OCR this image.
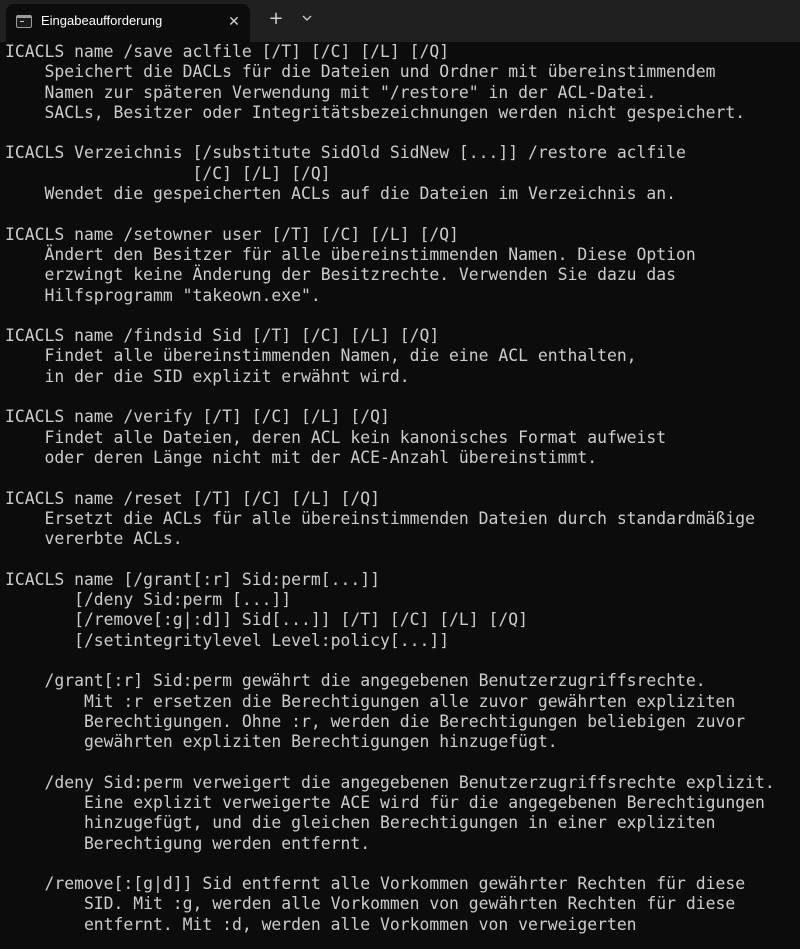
Eingabeaufforderung	✕ +
ICACLS name /save aclfile [/T] [/C] [/L] [/Q]
Speichert die DACLs für die Dateien und Ordner mit übereinstimmendem
Namen zur späteren Verwendung mit "/restore" in der ACL-Datei.
SACLs, Besitzer oder Integritätsbezeichnungen werden nicht gespeichert.
ICACLS Verzeichnis [/substitute SidOld SidNew [...]] /restore aclfile
[/C] [/L] [/Q]
Wendet die gespeicherten ACLs auf die Dateien im Verzeichnis an.
ICACLS name /setowner user [/T] [/C] [/L] [/Q]
Ändert den Besitzer für alle übereinstimmenden Namen. Diese Option
erzwingt keine Änderung der Besitzrechte. Verwenden Sie dazu das
Hilfsprogramm "takeown.exe".
ICACLS name /findsid Sid [/T] [/C] [/L] [/Q]
Findet alle übereinstimmenden Namen, die eine ACL enthalten,
in der die SID explizit erwähnt wird.
ICACLS name /verify [/T] [/C] [/L] [/Q]
Findet alle Dateien, deren ACL kein kanonisches Format aufweist
oder deren Länge nicht mit der ACE-Anzahl übereinstimmt.
ICACLS name /reset [/T] [/C] [/L] [/Q]
Ersetzt die ACLs für alle übereinstimmenden Dateien durch standardmäßige
vererbte ACLs.
ICACLS name [/grant[:r] Sid:perm[...]]
[/deny Sid:perm [...]]
[/remove[:g|:d]] Sid[...]] [/T] [/C] [/L] [/Q]
[/setintegritylevel Level:policy[...]]
/grant[:r] Sid:perm gewährt die angegebenen Benutzerzugriffsrechte.
Mit :r ersetzen die Berechtigungen alle zuvor gewährten expliziten
Berechtigungen. Ohne :r, werden die Berechtigungen beliebigen zuvor
gewährten expliziten Berechtigungen hinzugefügt.
/deny Sid:perm verweigert die angegebenen Benutzerzugriffsrechte explizit.
Eine explizit verweigerte ACE wird für die angegebenen Berechtigungen
hinzugefügt, und die gleichen Berechtigungen in einer expliziten
Berechtigung werden entfernt.
/remove[:[g|d]] Sid entfernt alle Vorkommen gewährter Rechten für diese
SID. Mit :g, werden alle Vorkommen von gewährten Rechten für diese
entfernt. Mit :d, werden alle Vorkommen von verweigerten
